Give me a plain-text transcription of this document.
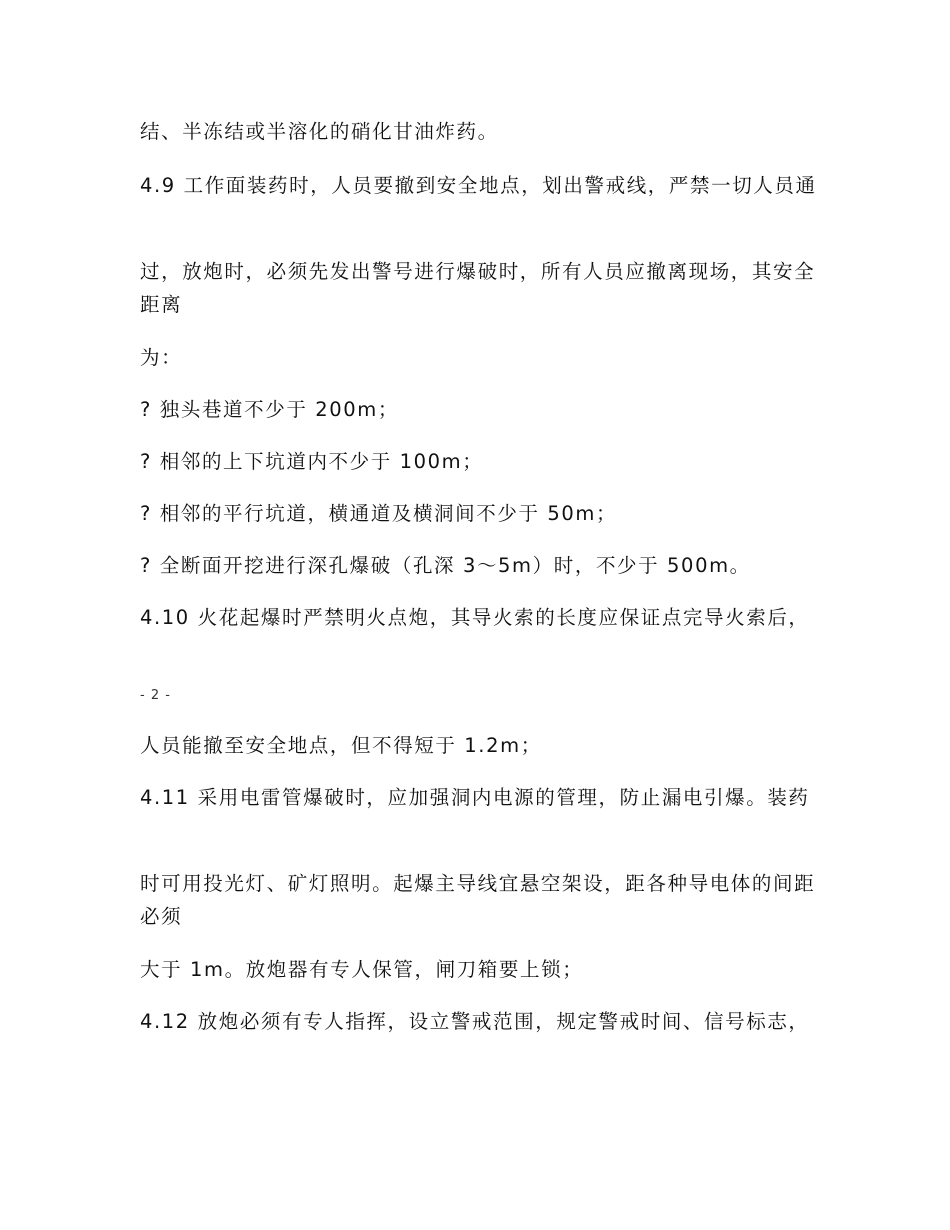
结、半冻结或半溶化的硝化甘油炸药。

4.9 工作面装药时，人员要撤到安全地点，划出警戒线，严禁一切人员通

过，放炮时，必须先发出警号进行爆破时，所有人员应撤离现场，其安全距离

为：

? 独头巷道不少于 200m；

? 相邻的上下坑道内不少于 100m；

? 相邻的平行坑道，横通道及横洞间不少于 50m；

? 全断面开挖进行深孔爆破（孔深 3～5m）时，不少于 500m。

4.10 火花起爆时严禁明火点炮，其导火索的长度应保证点完导火索后，

- 2 -

人员能撤至安全地点，但不得短于 1.2m；

4.11 采用电雷管爆破时，应加强洞内电源的管理，防止漏电引爆。装药

时可用投光灯、矿灯照明。起爆主导线宜悬空架设，距各种导电体的间距必须

大于 1m。放炮器有专人保管，闸刀箱要上锁；

4.12 放炮必须有专人指挥，设立警戒范围，规定警戒时间、信号标志，
